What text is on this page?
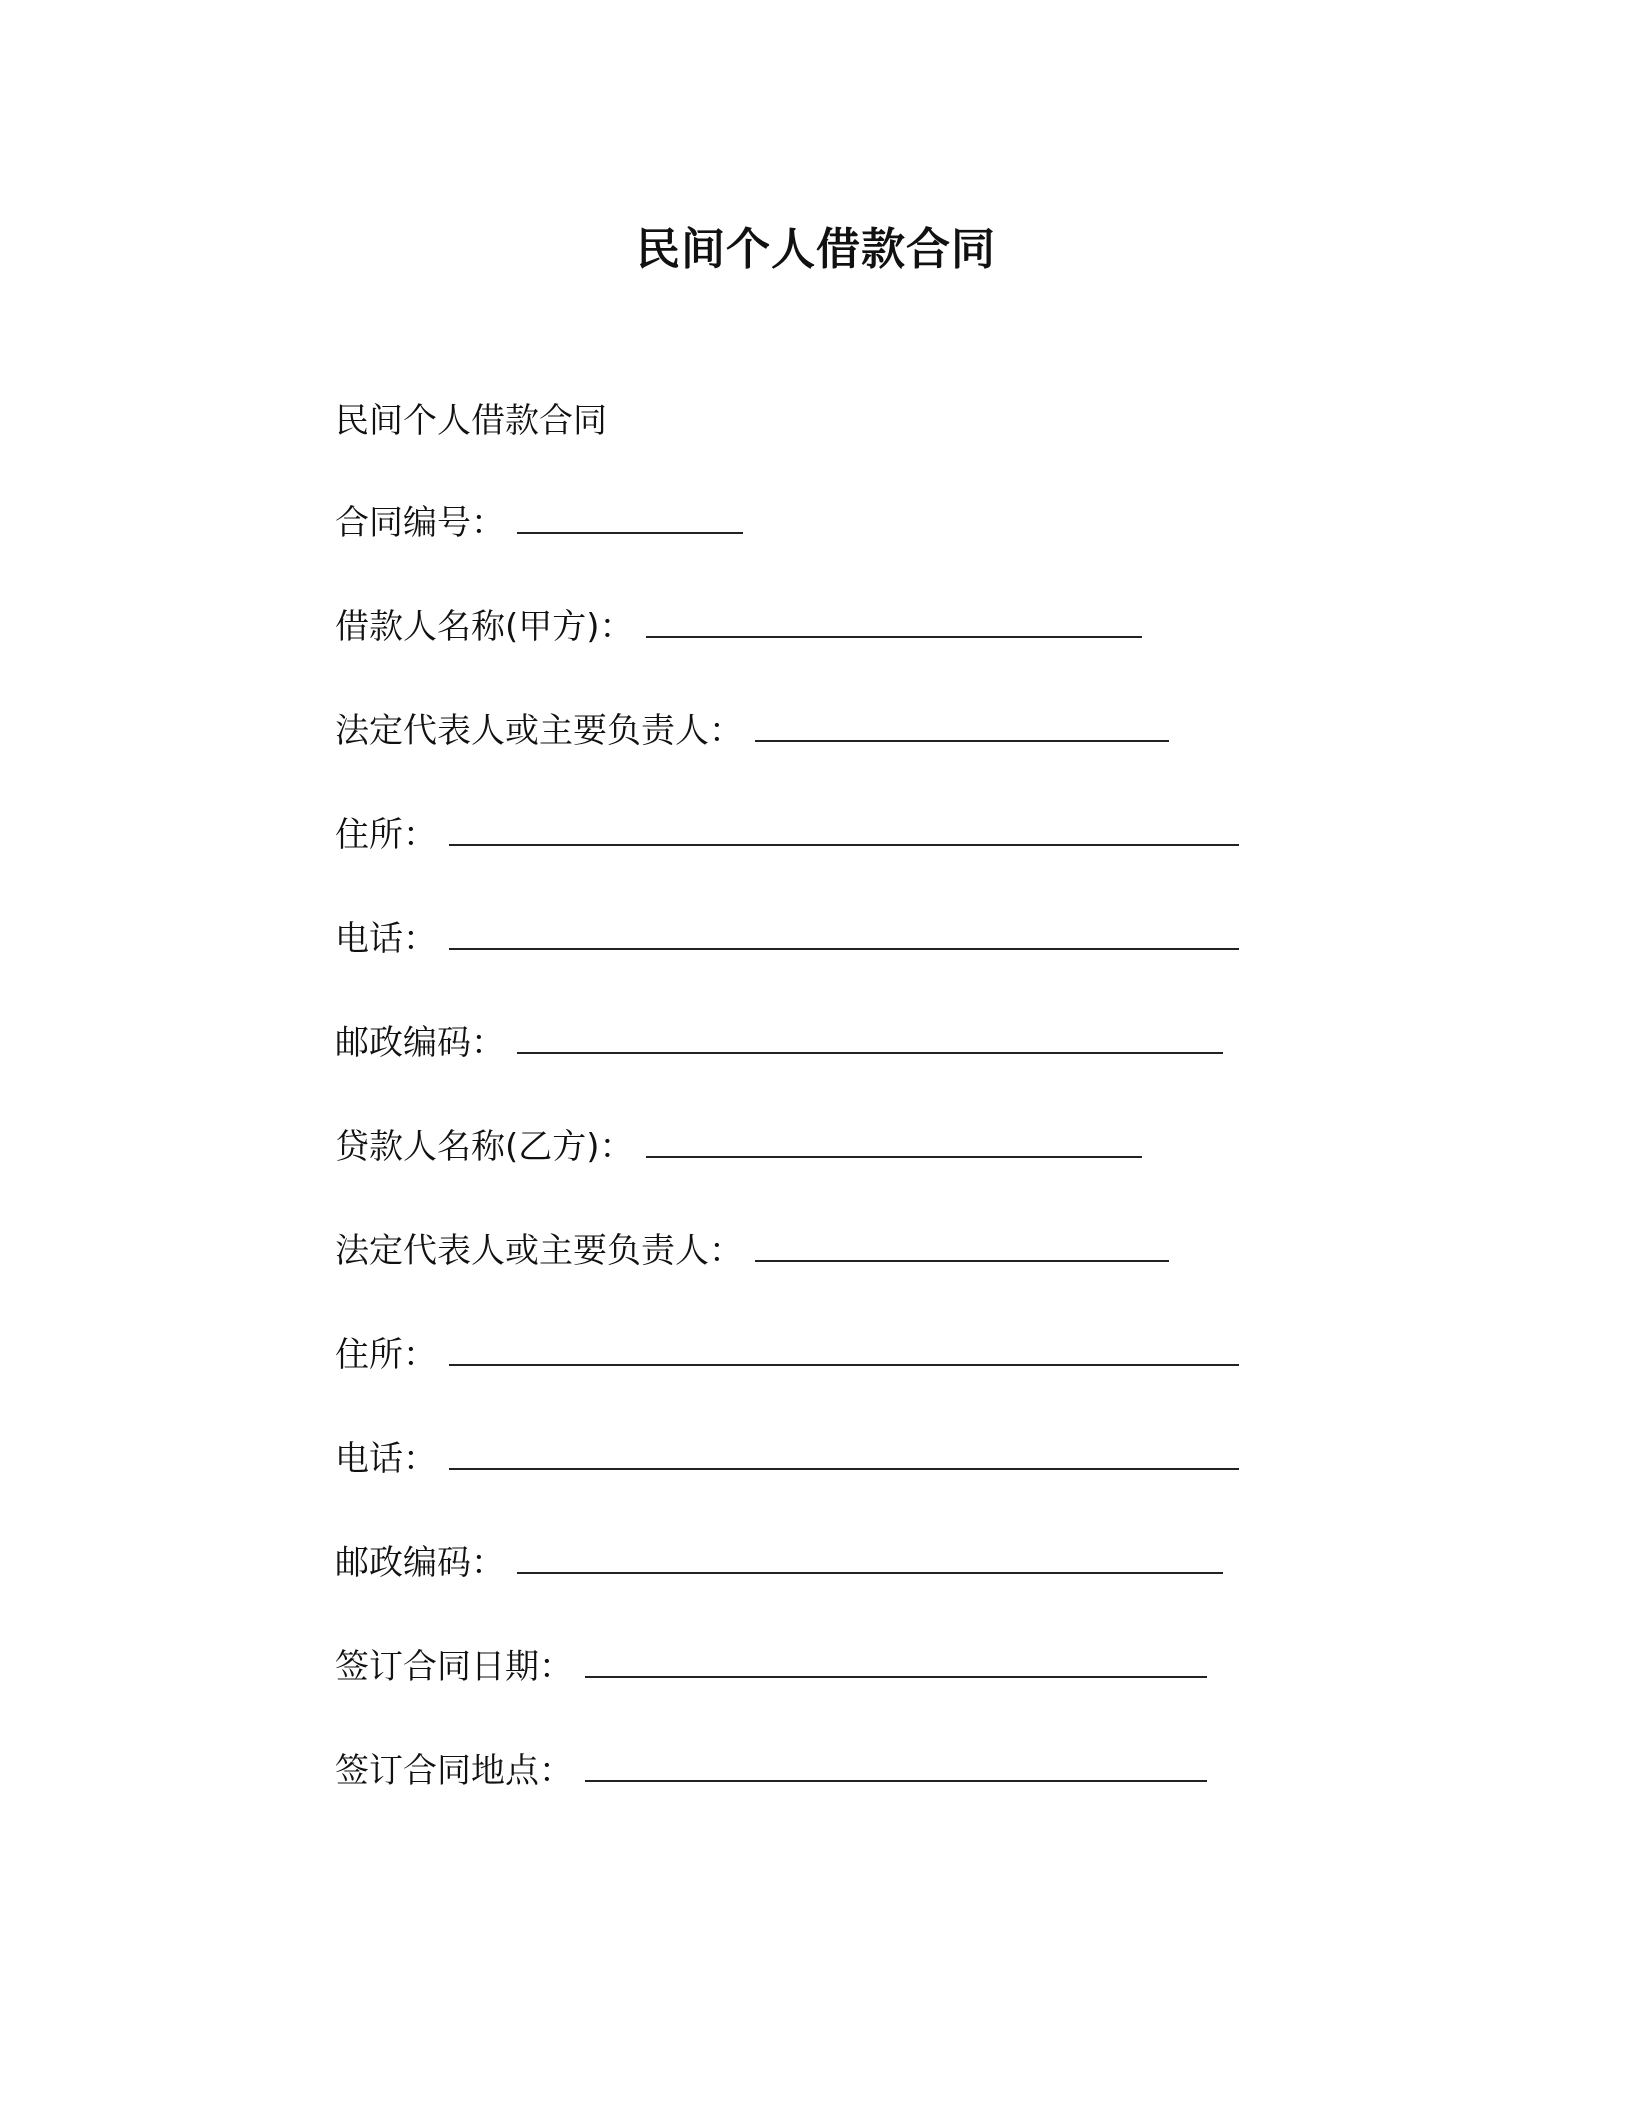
民间个人借款合同
民间个人借款合同
合同编号：
借款人名称(甲方)：
法定代表人或主要负责人：
住所：
电话：
邮政编码：
贷款人名称(乙方)：
法定代表人或主要负责人：
住所：
电话：
邮政编码：
签订合同日期：
签订合同地点：
